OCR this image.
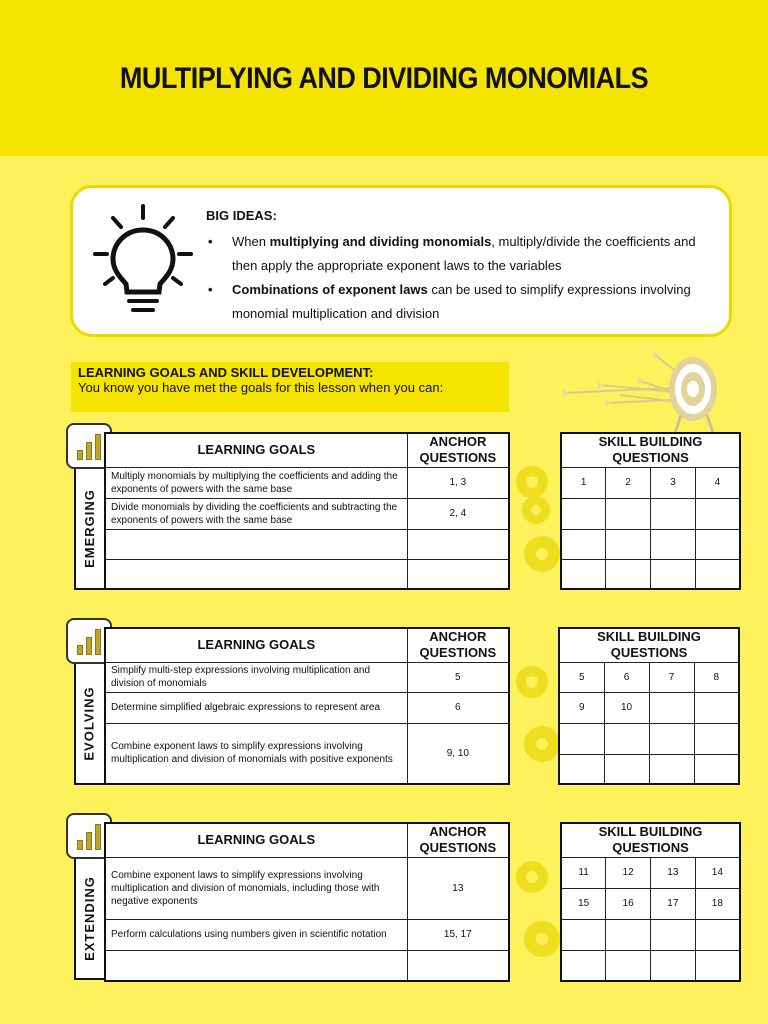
MULTIPLYING AND DIVIDING MONOMIALS
BIG IDEAS:
• When multiplying and dividing monomials, multiply/divide the coefficients and then apply the appropriate exponent laws to the variables
• Combinations of exponent laws can be used to simplify expressions involving monomial multiplication and division
LEARNING GOALS AND SKILL DEVELOPMENT:
You know you have met the goals for this lesson when you can:
EMERGING
LEARNING GOALS	ANCHOR QUESTIONS
Multiply monomials by multiplying the coefficients and adding the exponents of powers with the same base	1, 3
Divide monomials by dividing the coefficients and subtracting the exponents of powers with the same base	2, 4

SKILL BUILDING QUESTIONS			
1	2	3	4

EVOLVING
LEARNING GOALS	ANCHOR QUESTIONS
Simplify multi-step expressions involving multiplication and division of monomials	5
Determine simplified algebraic expressions to represent area	6
Combine exponent laws to simplify expressions involving multiplication and division of monomials with positive exponents	9, 10
SKILL BUILDING QUESTIONS			
5	6	7	8
9	10		

EXTENDING
LEARNING GOALS	ANCHOR QUESTIONS
Combine exponent laws to simplify expressions involving multiplication and division of monomials, including those with negative exponents	13
Perform calculations using numbers given in scientific notation	15, 17

SKILL BUILDING QUESTIONS			
11	12	13	14
15	16	17	18
